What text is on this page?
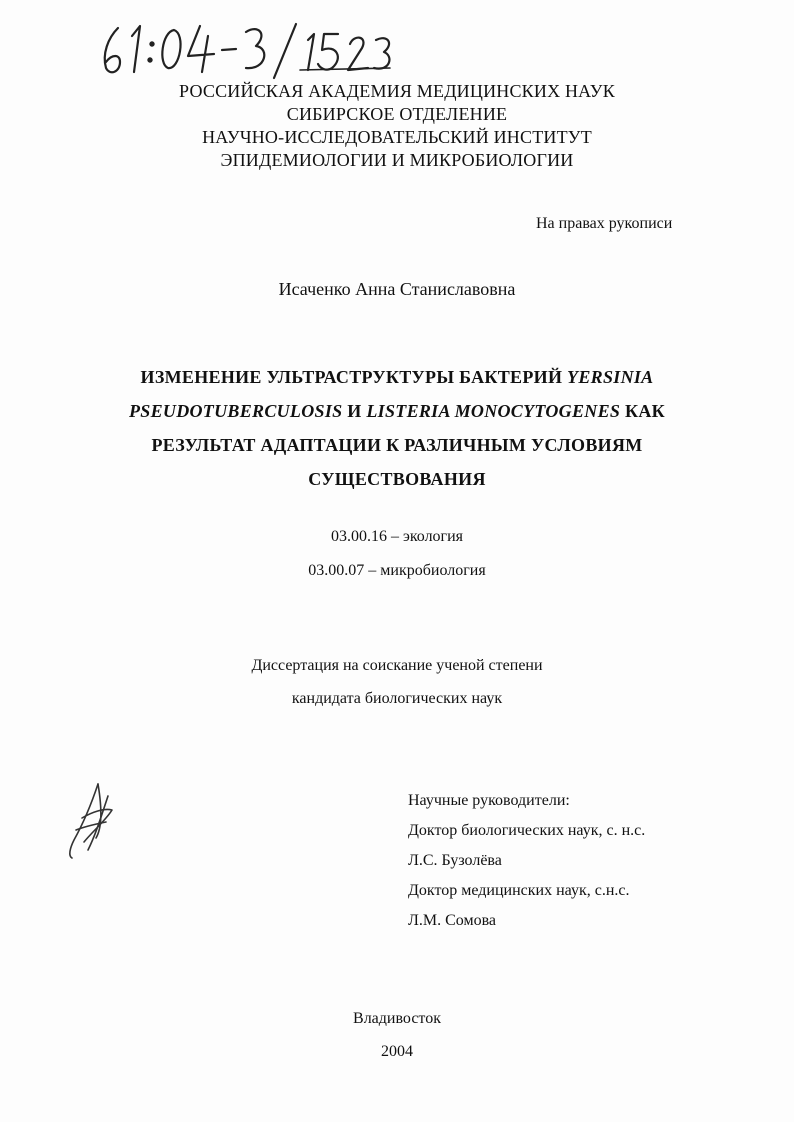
РОССИЙСКАЯ АКАДЕМИЯ МЕДИЦИНСКИХ НАУК
СИБИРСКОЕ ОТДЕЛЕНИЕ
НАУЧНО-ИССЛЕДОВАТЕЛЬСКИЙ ИНСТИТУТ
ЭПИДЕМИОЛОГИИ И МИКРОБИОЛОГИИ
На правах рукописи
Исаченко Анна Станиславовна
ИЗМЕНЕНИЕ УЛЬТРАСТРУКТУРЫ БАКТЕРИЙ YERSINIA
PSEUDOTUBERCULOSIS И LISTERIA MONOCYTOGENES КАК
РЕЗУЛЬТАТ АДАПТАЦИИ К РАЗЛИЧНЫМ УСЛОВИЯМ
СУЩЕСТВОВАНИЯ
03.00.16 – экология
03.00.07 – микробиология
Диссертация на соискание ученой степени
кандидата биологических наук
Научные руководители:
Доктор биологических наук, с. н.с.
Л.С. Бузолёва
Доктор медицинских наук, с.н.с.
Л.М. Сомова
Владивосток
2004
